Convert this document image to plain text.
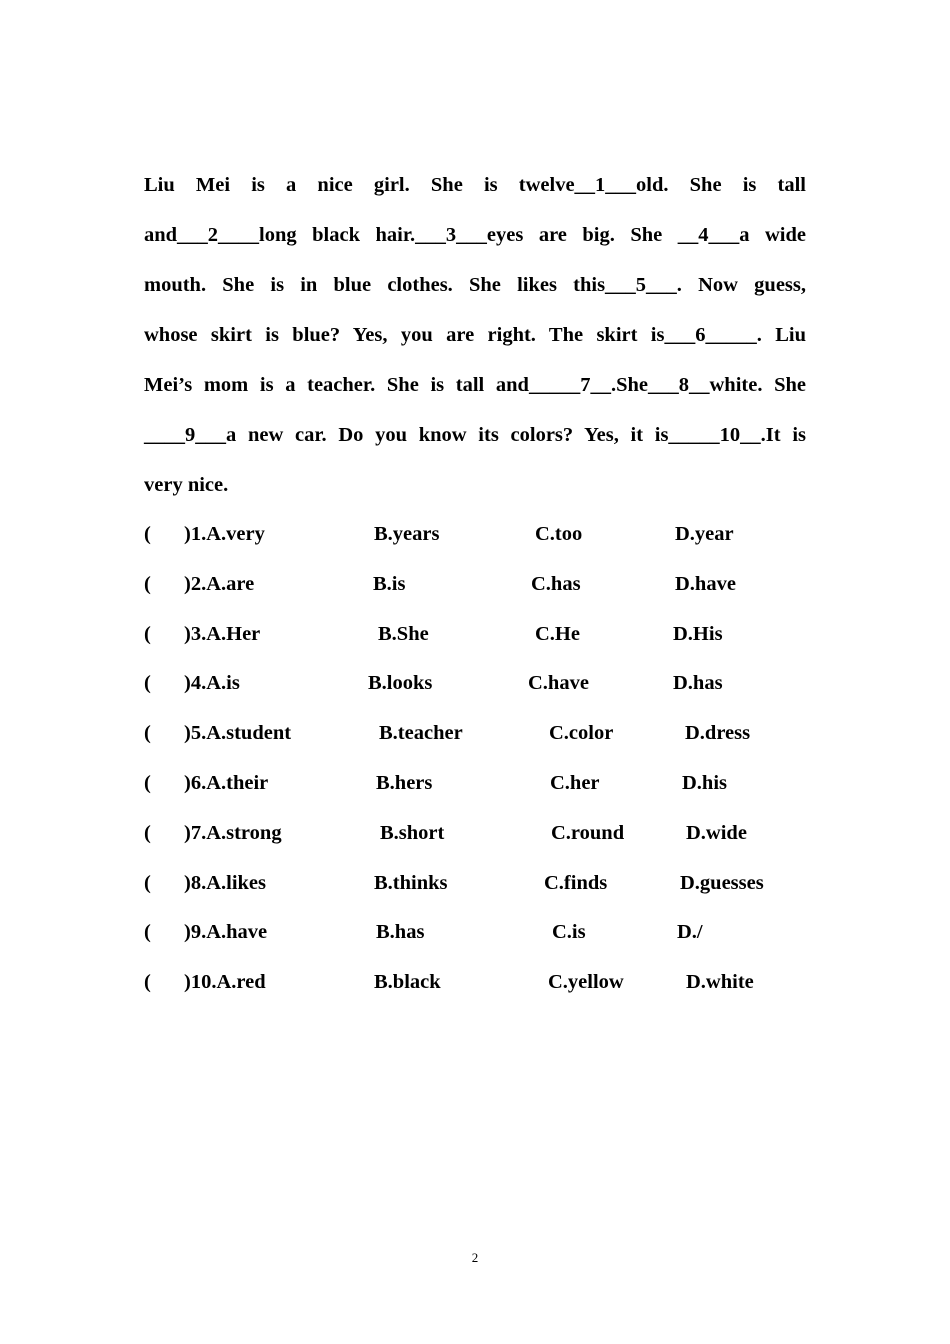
Liu Mei is a nice girl. She is twelve__1___old. She is tall
and___2____long black hair.___3___eyes are big. She __4___a wide
mouth. She is in blue clothes. She likes this___5___. Now guess,
whose skirt is blue? Yes, you are right. The skirt is___6_____. Liu
Mei’s mom is a teacher. She is tall and_____7__.She___8__white. She
____9___a new car. Do you know its colors? Yes, it is_____10__.It is
very nice.
( )1.A.very	B.years	C.too	D.year
( )2.A.are	B.is	C.has	D.have
( )3.A.Her	B.She	C.He	D.His
( )4.A.is	B.looks	C.have	D.has
( )5.A.student	B.teacher	C.color	D.dress
( )6.A.their	B.hers	C.her	D.his
( )7.A.strong	B.short	C.round	D.wide
( )8.A.likes	B.thinks	C.finds	D.guesses
( )9.A.have	B.has	C.is	D./
( )10.A.red	B.black	C.yellow	D.white
2
